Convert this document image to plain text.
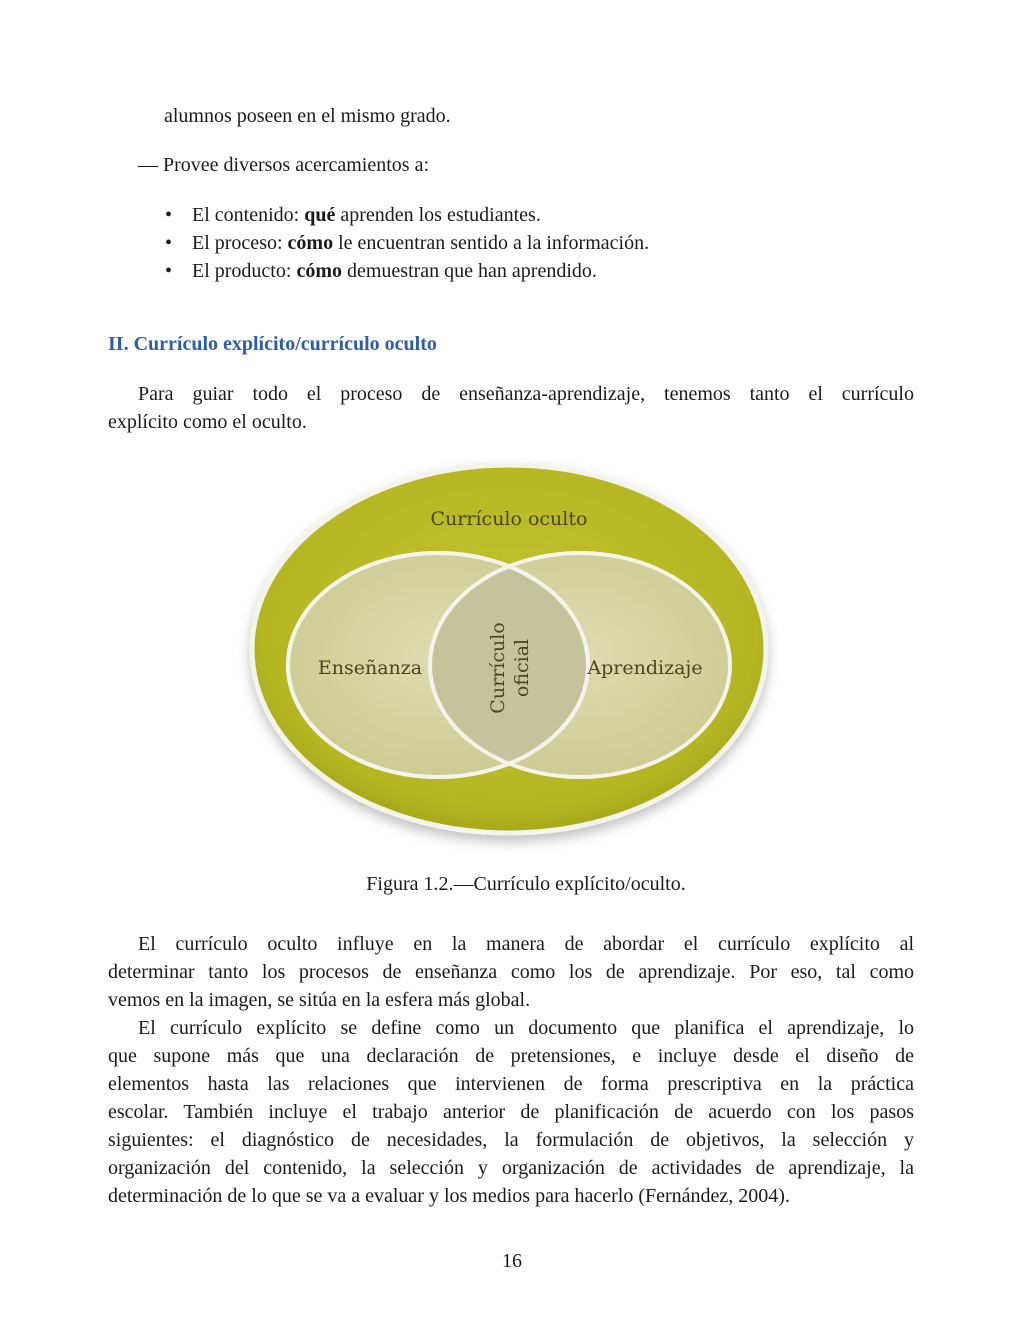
alumnos poseen en el mismo grado.
— Provee diversos acercamientos a:
• El contenido: qué aprenden los estudiantes.
• El proceso: cómo le encuentran sentido a la información.
• El producto: cómo demuestran que han aprendido.
II. Currículo explícito/currículo oculto
Para guiar todo el proceso de enseñanza-aprendizaje, tenemos tanto el currículo
explícito como el oculto.
Currículo oculto
Enseñanza	Aprendizaje
Currículo oficial
Figura 1.2.—Currículo explícito/oculto.
El currículo oculto influye en la manera de abordar el currículo explícito al
determinar tanto los procesos de enseñanza como los de aprendizaje. Por eso, tal como
vemos en la imagen, se sitúa en la esfera más global.
El currículo explícito se define como un documento que planifica el aprendizaje, lo
que supone más que una declaración de pretensiones, e incluye desde el diseño de
elementos hasta las relaciones que intervienen de forma prescriptiva en la práctica
escolar. También incluye el trabajo anterior de planificación de acuerdo con los pasos
siguientes: el diagnóstico de necesidades, la formulación de objetivos, la selección y
organización del contenido, la selección y organización de actividades de aprendizaje, la
determinación de lo que se va a evaluar y los medios para hacerlo (Fernández, 2004).
16
